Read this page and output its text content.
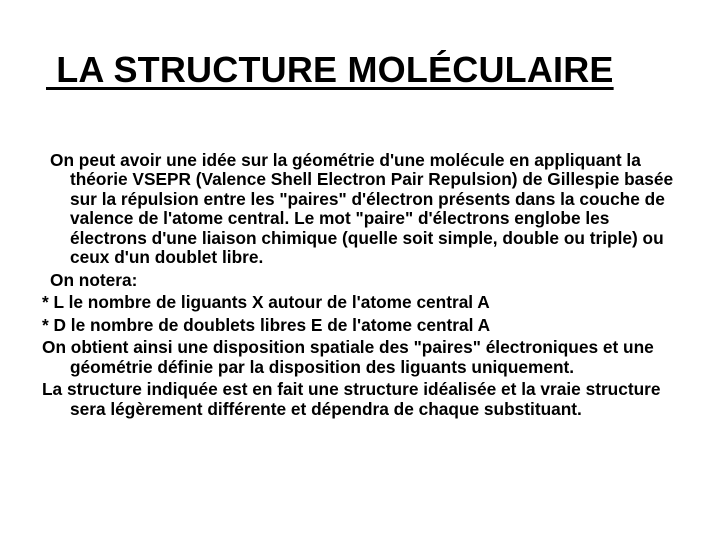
LA STRUCTURE MOLÉCULAIRE

On peut avoir une idée sur la géométrie d'une molécule en appliquant la théorie VSEPR (Valence Shell Electron Pair Repulsion) de Gillespie basée sur la répulsion entre les "paires" d'électron présents dans la couche de valence de l'atome central. Le mot "paire" d'électrons englobe les électrons d'une liaison chimique (quelle soit simple, double ou triple) ou ceux d'un doublet libre.

On notera:

* L le nombre de liguants X autour de l'atome central A

* D le nombre de doublets libres E de l'atome central A

On obtient ainsi une disposition spatiale des "paires" électroniques et une géométrie définie par la disposition des liguants uniquement.

La structure indiquée est en fait une structure idéalisée et la vraie structure sera légèrement différente et dépendra de chaque substituant.
